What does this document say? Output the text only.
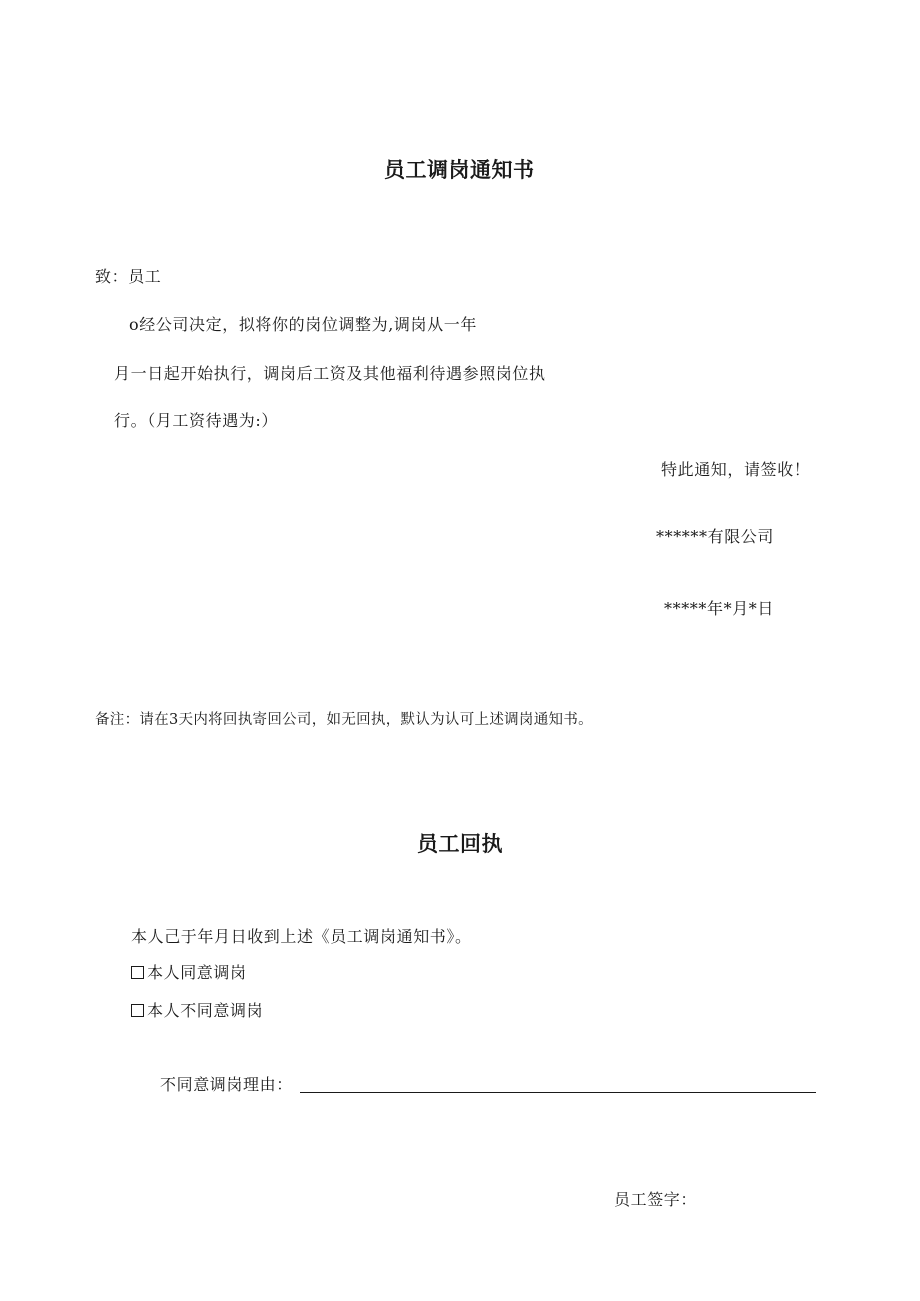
员工调岗通知书
致：员工
o经公司决定，拟将你的岗位调整为,调岗从一年
月一日起开始执行，调岗后工资及其他福利待遇参照岗位执
行。（月工资待遇为:）
特此通知，请签收！
******有限公司
*****年*月*日
备注：请在3天内将回执寄回公司，如无回执，默认为认可上述调岗通知书。
员工回执
本人己于年月日收到上述《员工调岗通知书》。
本人同意调岗
本人不同意调岗
不同意调岗理由：
员工签字：
